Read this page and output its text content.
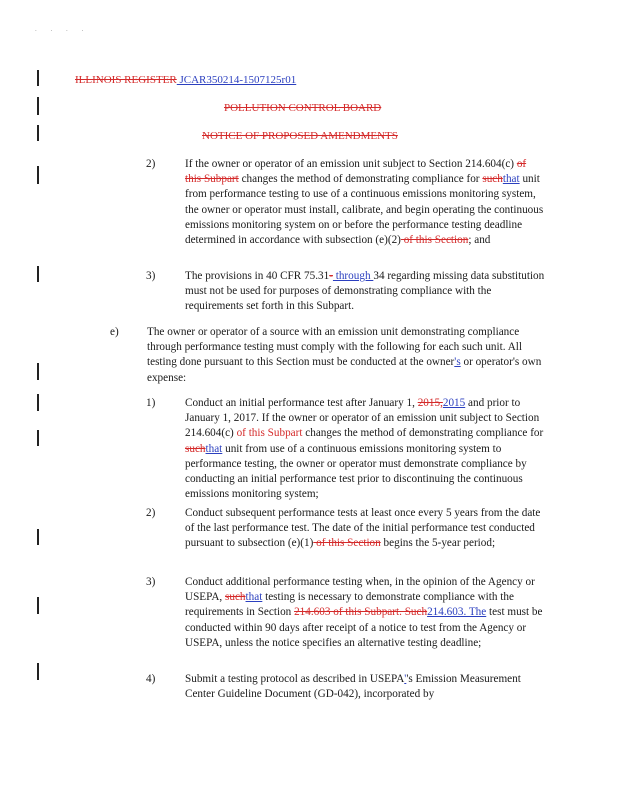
. . . .
ILLINOIS REGISTER JCAR350214-1507125r01
POLLUTION CONTROL BOARD
NOTICE OF PROPOSED AMENDMENTS
2)	If the owner or operator of an emission unit subject to Section 214.604(c) of this Subpart changes the method of demonstrating compliance for suchthat unit from performance testing to use of a continuous emissions monitoring system, the owner or operator must install, calibrate, and begin operating the continuous emissions monitoring system on or before the performance testing deadline determined in accordance with subsection (e)(2) of this Section; and
3)	The provisions in 40 CFR 75.31- through 34 regarding missing data substitution must not be used for purposes of demonstrating compliance with the requirements set forth in this Subpart.
e)	The owner or operator of a source with an emission unit demonstrating compliance through performance testing must comply with the following for each such unit. All testing done pursuant to this Section must be conducted at the owner's or operator's own expense:
1)	Conduct an initial performance test after January 1, 2015,2015 and prior to January 1, 2017. If the owner or operator of an emission unit subject to Section 214.604(c) of this Subpart changes the method of demonstrating compliance for suchthat unit from use of a continuous emissions monitoring system to performance testing, the owner or operator must demonstrate compliance by conducting an initial performance test prior to discontinuing the continuous emissions monitoring system;
2)	Conduct subsequent performance tests at least once every 5 years from the date of the last performance test. The date of the initial performance test conducted pursuant to subsection (e)(1) of this Section begins the 5-year period;
3)	Conduct additional performance testing when, in the opinion of the Agency or USEPA, suchthat testing is necessary to demonstrate compliance with the requirements in Section 214.603 of this Subpart. Such214.603. The test must be conducted within 90 days after receipt of a notice to test from the Agency or USEPA, unless the notice specifies an alternative testing deadline;
4)	Submit a testing protocol as described in USEPA''s Emission Measurement Center Guideline Document (GD-042), incorporated by
